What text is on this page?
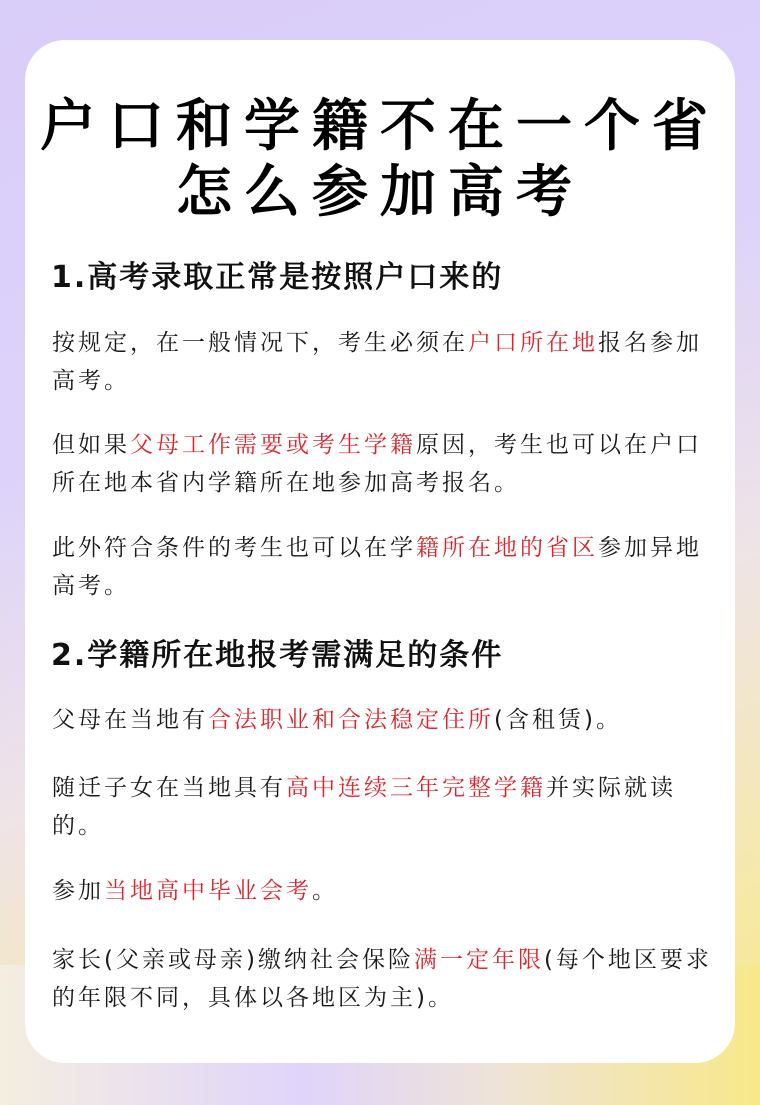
户口和学籍不在一个省
怎么参加高考
1.高考录取正常是按照户口来的

按规定，在一般情况下，考生必须在户口所在地报名参加高考。

但如果父母工作需要或考生学籍原因，考生也可以在户口所在地本省内学籍所在地参加高考报名。

此外符合条件的考生也可以在学籍所在地的省区参加异地高考。

2.学籍所在地报考需满足的条件

父母在当地有合法职业和合法稳定住所(含租赁)。

随迁子女在当地具有高中连续三年完整学籍并实际就读的。

参加当地高中毕业会考。

家长(父亲或母亲)缴纳社会保险满一定年限(每个地区要求的年限不同，具体以各地区为主)。
